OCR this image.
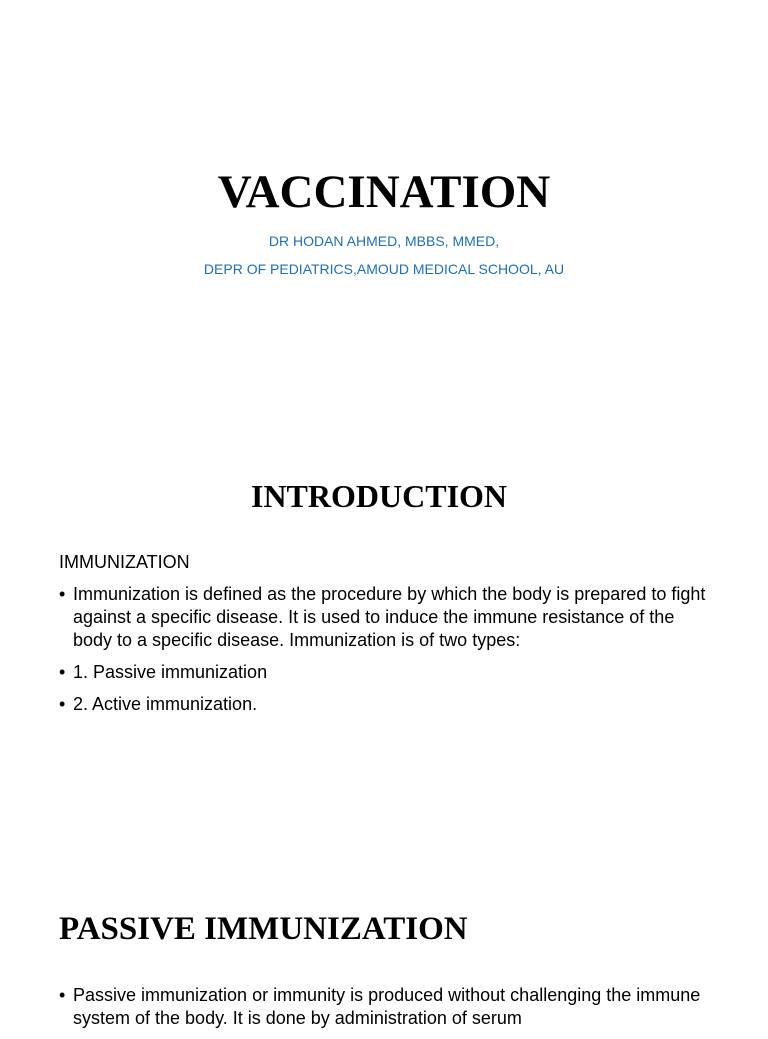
VACCINATION

DR HODAN AHMED, MBBS, MMED,

DEPR OF PEDIATRICS,AMOUD MEDICAL SCHOOL, AU

INTRODUCTION

IMMUNIZATION

• Immunization is defined as the procedure by which the body is prepared to fight against a specific disease. It is used to induce the immune resistance of the body to a specific disease. Immunization is of two types:
• 1. Passive immunization
• 2. Active immunization.
PASSIVE IMMUNIZATION
• Passive immunization or immunity is produced without challenging the immune system of the body. It is done by administration of serum
